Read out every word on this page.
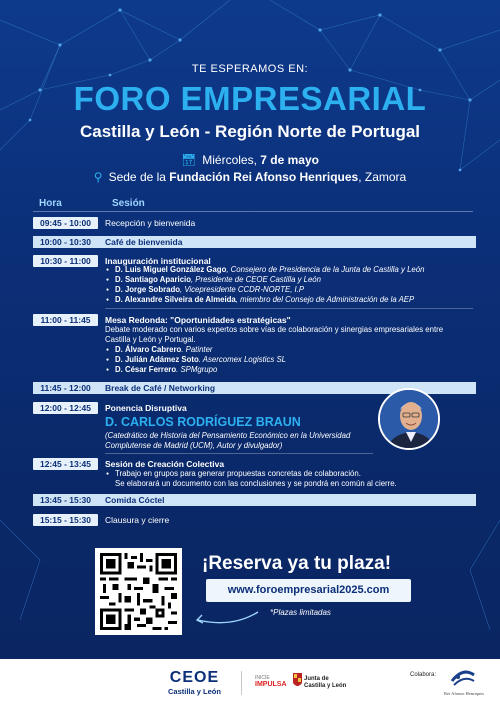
TE ESPERAMOS EN:
FORO EMPRESARIAL
Castilla y León - Región Norte de Portugal
📅︎ Miércoles, 7 de mayo
⚲ Sede de la Fundación Rei Afonso Henriques, Zamora
Hora	Sesión
09:45 - 10:00	Recepción y bienvenida
10:00 - 10:30 Café de bienvenida
10:30 - 11:00	Inauguración institucional
● D. Luis Miguel González Gago, Consejero de Presidencia de la Junta de Castilla y León
● D. Santiago Aparicio, Presidente de CEOE Castilla y León
● D. Jorge Sobrado, Vicepresidente CCDR-NORTE, I.P
● D. Alexandre Silveira de Almeida, miembro del Consejo de Administración de la AEP
11:00 - 11:45	Mesa Redonda: "Oportunidades estratégicas"
Debate moderado con varios expertos sobre vías de colaboración y sinergias empresariales entre Castilla y León y Portugal.
● D. Álvaro Cabrero. Patinter
● D. Julián Adámez Soto. Asercomex Logistics SL
● D. César Ferrero. SPMgrupo
11:45 - 12:00 Break de Café / Networking
12:00 - 12:45	Ponencia Disruptiva
D. CARLOS RODRÍGUEZ BRAUN
(Catedrático de Historia del Pensamiento Económico en la Universidad Complutense de Madrid (UCM), Autor y divulgador)
12:45 - 13:45	Sesión de Creación Colectiva
● Trabajo en grupos para generar propuestas concretas de colaboración.
Se elaborará un documento con las conclusiones y se pondrá en común al cierre.
13:45 - 15:30 Comida Cóctel
15:15 - 15:30	Clausura y cierre
¡Reserva ya tu plaza!
www.foroempresarial2025.com
*Plazas limitadas
CEOE
Castilla y León
INICIE
IMPULSA
Junta de
Castilla y León
Colabora:
Rei Afonso Henriques
